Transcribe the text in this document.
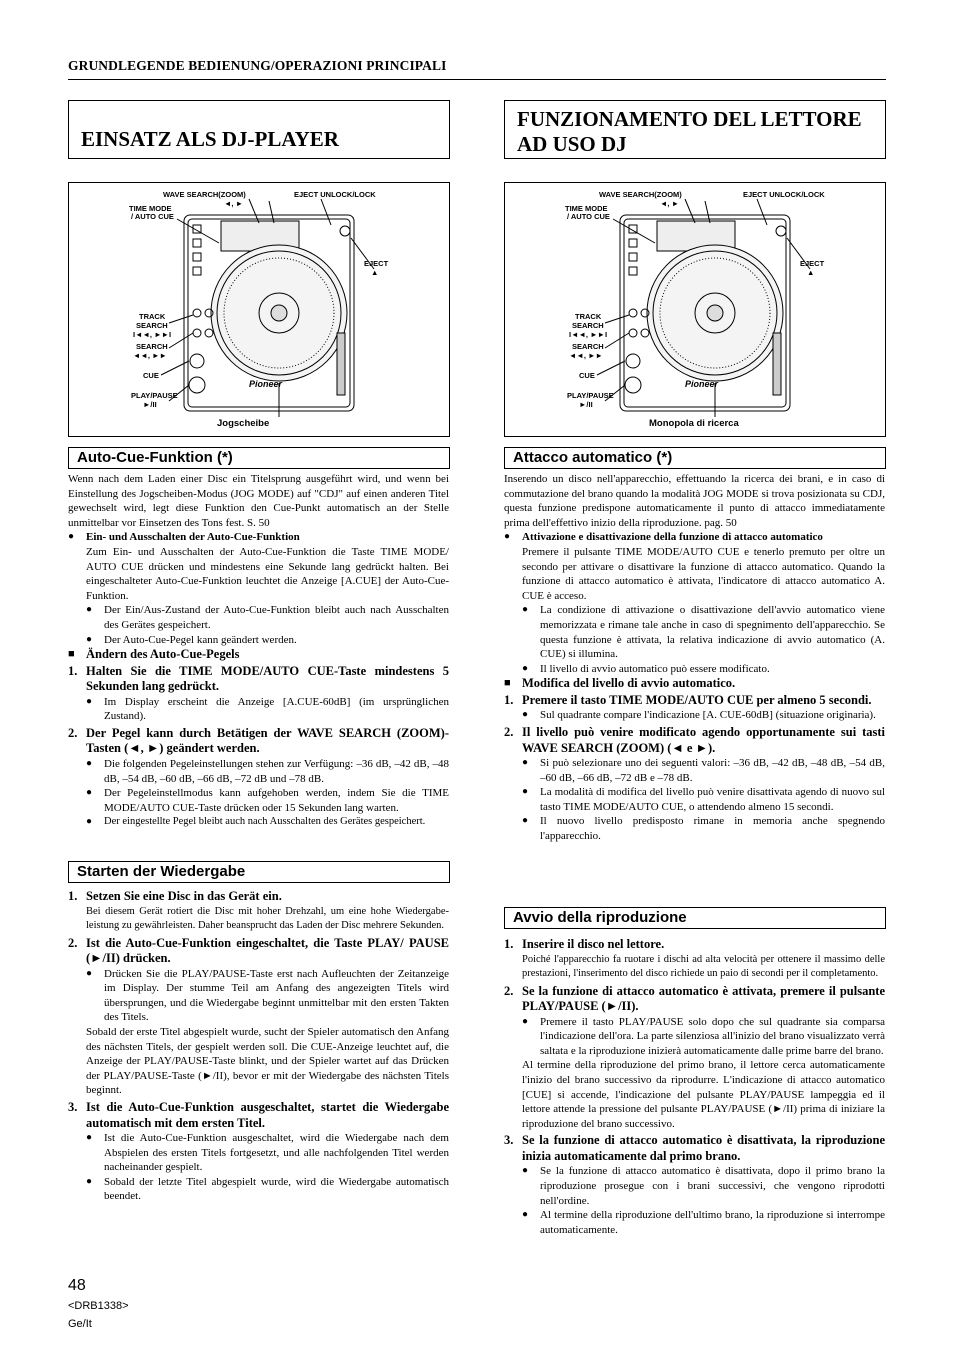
GRUNDLEGENDE BEDIENUNG/OPERAZIONI PRINCIPALI
EINSATZ ALS DJ-PLAYER
FUNZIONAMENTO DEL LETTORE AD USO DJ
Pioneer
WAVE SEARCH(ZOOM)
◄, ►
EJECT UNLOCK/LOCK
TIME MODE
/ AUTO CUE
EJECT
▲
TRACK
SEARCH
I◄◄, ►►I
SEARCH
◄◄, ►►
CUE
PLAY/PAUSE
►/II
Jogscheibe
Pioneer
WAVE SEARCH(ZOOM)
◄, ►
EJECT UNLOCK/LOCK
TIME MODE
/ AUTO CUE
EJECT
▲
TRACK
SEARCH
I◄◄, ►►I
SEARCH
◄◄, ►►
CUE
PLAY/PAUSE
►/II
Monopola di ricerca
Auto-Cue-Funktion (*)

Wenn nach dem Laden einer Disc ein Titelsprung ausgeführt wird, und wenn bei Einstellung des Jogscheiben-Modus (JOG MODE) auf "CDJ" auf einen anderen Titel gewechselt wird, legt diese Funktion den Cue-Punkt automatisch an der Stelle unmittelbar vor Einsetzen des Tons fest. S. 50

● Ein- und Ausschalten der Auto-Cue-Funktion

Zum Ein- und Ausschalten der Auto-Cue-Funktion die Taste TIME MODE/ AUTO CUE drücken und mindestens eine Sekunde lang gedrückt halten. Bei eingeschalteter Auto-Cue-Funktion leuchtet die Anzeige [A.CUE] der Auto-Cue-Funktion.

● Der Ein/Aus-Zustand der Auto-Cue-Funktion bleibt auch nach Ausschalten des Gerätes gespeichert.

● Der Auto-Cue-Pegel kann geändert werden.

■ Ändern des Auto-Cue-Pegels

1. Halten Sie die TIME MODE/AUTO CUE-Taste mindestens 5 Sekunden lang gedrückt.

● Im Display erscheint die Anzeige [A.CUE-60dB] (im ursprünglichen Zustand).

2. Der Pegel kann durch Betätigen der WAVE SEARCH (ZOOM)-Tasten (◄, ►) geändert werden.

● Die folgenden Pegeleinstellungen stehen zur Verfügung: –36 dB, –42 dB, –48 dB, –54 dB, –60 dB, –66 dB, –72 dB und –78 dB.

● Der Pegeleinstellmodus kann aufgehoben werden, indem Sie die TIME MODE/AUTO CUE-Taste drücken oder 15 Sekunden lang warten.

● Der eingestellte Pegel bleibt auch nach Ausschalten des Gerätes gespeichert.

Starten der Wiedergabe

1. Setzen Sie eine Disc in das Gerät ein.

Bei diesem Gerät rotiert die Disc mit hoher Drehzahl, um eine hohe Wiedergabe-leistung zu gewährleisten. Daher beansprucht das Laden der Disc mehrere Sekunden.

2. Ist die Auto-Cue-Funktion eingeschaltet, die Taste PLAY/ PAUSE (►/II) drücken.

● Drücken Sie die PLAY/PAUSE-Taste erst nach Aufleuchten der Zeitanzeige im Display. Der stumme Teil am Anfang des angezeigten Titels wird übersprungen, und die Wiedergabe beginnt unmittelbar mit den ersten Takten des Titels.

Sobald der erste Titel abgespielt wurde, sucht der Spieler automatisch den Anfang des nächsten Titels, der gespielt werden soll. Die CUE-Anzeige leuchtet auf, die Anzeige der PLAY/PAUSE-Taste blinkt, und der Spieler wartet auf das Drücken der PLAY/PAUSE-Taste (►/II), bevor er mit der Wiedergabe des nächsten Titels beginnt.

3. Ist die Auto-Cue-Funktion ausgeschaltet, startet die Wiedergabe automatisch mit dem ersten Titel.

● Ist die Auto-Cue-Funktion ausgeschaltet, wird die Wiedergabe nach dem Abspielen des ersten Titels fortgesetzt, und alle nachfolgenden Titel werden nacheinander gespielt.

● Sobald der letzte Titel abgespielt wurde, wird die Wiedergabe automatisch beendet.

Attacco automatico (*)

Inserendo un disco nell'apparecchio, effettuando la ricerca dei brani, e in caso di commutazione del brano quando la modalità JOG MODE si trova posizionata su CDJ, questa funzione predispone automaticamente il punto di attacco immediatamente prima dell'effettivo inizio della riproduzione. pag. 50

● Attivazione e disattivazione della funzione di attacco automatico

Premere il pulsante TIME MODE/AUTO CUE e tenerlo premuto per oltre un secondo per attivare o disattivare la funzione di attacco automatico. Quando la funzione di attacco automatico è attivata, l'indicatore di attacco automatico A. CUE è acceso.

● La condizione di attivazione o disattivazione dell'avvio automatico viene memorizzata e rimane tale anche in caso di spegnimento dell'apparecchio. Se questa funzione è attivata, la relativa indicazione di avvio automatico (A. CUE) si illumina.

● Il livello di avvio automatico può essere modificato.

■ Modifica del livello di avvio automatico.

1. Premere il tasto TIME MODE/AUTO CUE per almeno 5 secondi.

● Sul quadrante compare l'indicazione [A. CUE-60dB] (situazione originaria).

2. Il livello può venire modificato agendo opportunamente sui tasti WAVE SEARCH (ZOOM) (◄ e ►).

● Si può selezionare uno dei seguenti valori: –36 dB, –42 dB, –48 dB, –54 dB, –60 dB, –66 dB, –72 dB e –78 dB.

● La modalità di modifica del livello può venire disattivata agendo di nuovo sul tasto TIME MODE/AUTO CUE, o attendendo almeno 15 secondi.

● Il nuovo livello predisposto rimane in memoria anche spegnendo l'apparecchio.

Avvio della riproduzione

1. Inserire il disco nel lettore.

Poiché l'apparecchio fa ruotare i dischi ad alta velocità per ottenere il massimo delle prestazioni, l'inserimento del disco richiede un paio di secondi per il completamento.

2. Se la funzione di attacco automatico è attivata, premere il pulsante PLAY/PAUSE (►/II).

● Premere il tasto PLAY/PAUSE solo dopo che sul quadrante sia comparsa l'indicazione dell'ora. La parte silenziosa all'inizio del brano visualizzato verrà saltata e la riproduzione inizierà automaticamente dalle prime barre del brano.

Al termine della riproduzione del primo brano, il lettore cerca automaticamente l'inizio del brano successivo da riprodurre. L'indicazione di attacco automatico [CUE] si accende, l'indicazione del pulsante PLAY/PAUSE lampeggia ed il lettore attende la pressione del pulsante PLAY/PAUSE (►/II) prima di iniziare la riproduzione del brano successivo.

3. Se la funzione di attacco automatico è disattivata, la riproduzione inizia automaticamente dal primo brano.

● Se la funzione di attacco automatico è disattivata, dopo il primo brano la riproduzione prosegue con i brani successivi, che vengono riprodotti nell'ordine.

● Al termine della riproduzione dell'ultimo brano, la riproduzione si interrompe automaticamente.

48
<DRB1338>
Ge/It
